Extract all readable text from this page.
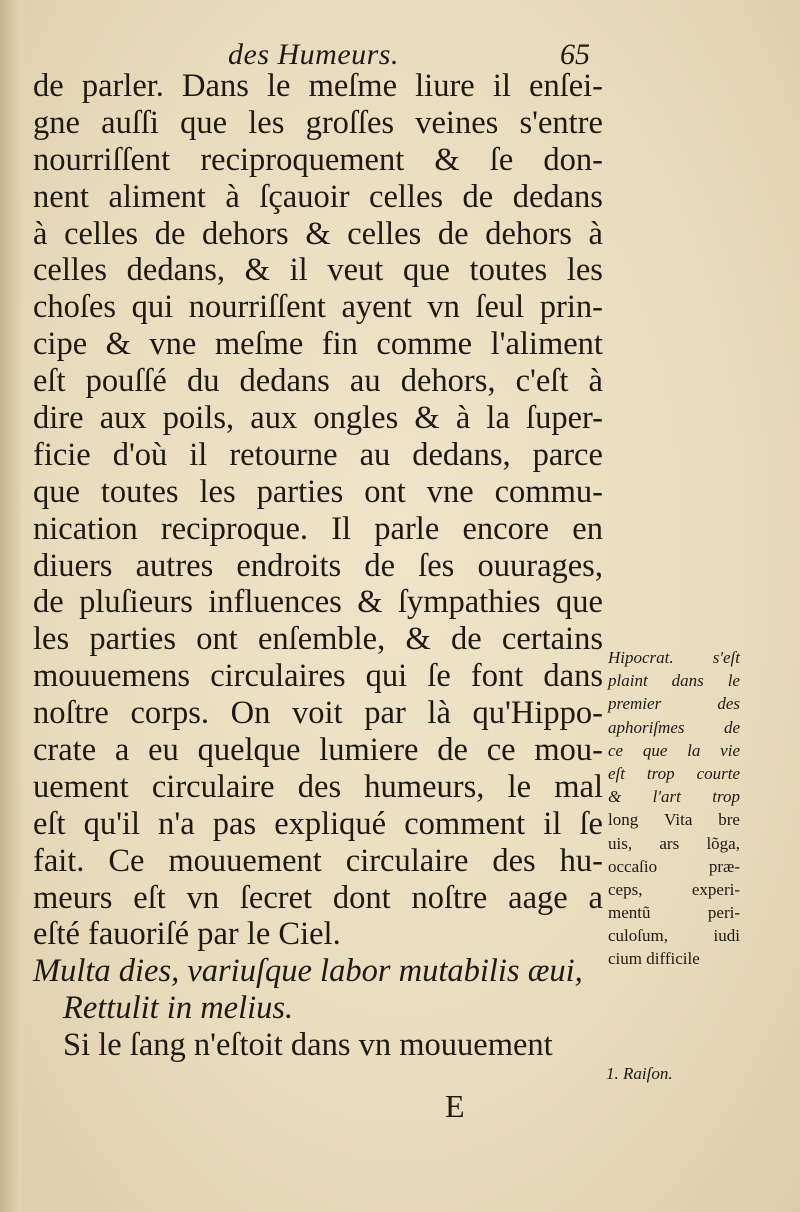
des Humeurs.	65
de parler. Dans le meſme liure il enſei-
gne auſſi que les groſſes veines s'entre
nourriſſent reciproquement & ſe don-
nent aliment à ſçauoir celles de dedans
à celles de dehors & celles de dehors à
celles dedans, & il veut que toutes les
choſes qui nourriſſent ayent vn ſeul prin-
cipe & vne meſme fin comme l'aliment
eſt pouſſé du dedans au dehors, c'eſt à
dire aux poils, aux ongles & à la ſuper-
ficie d'où il retourne au dedans, parce
que toutes les parties ont vne commu-
nication reciproque. Il parle encore en
diuers autres endroits de ſes ouurages,
de pluſieurs influences & ſympathies que
les parties ont enſemble, & de certains
mouuemens circulaires qui ſe font dans
noſtre corps. On voit par là qu'Hippo-
crate a eu quelque lumiere de ce mou-
uement circulaire des humeurs, le mal
eſt qu'il n'a pas expliqué comment il ſe
fait. Ce mouuement circulaire des hu-
meurs eſt vn ſecret dont noſtre aage a
eſté fauoriſé par le Ciel.
Multa dies, variuſque labor mutabilis æui,
Rettulit in melius.
Si le ſang n'eſtoit dans vn mouuement
Hipocrat. s'eſt
plaint dans le
premier	des
aphoriſmes de
ce que la vie
eſt trop courte
& l'art trop
long Vita bre
uis, ars lõga,
occaſio	præ-
ceps,	experi-
mentũ	peri-
culoſum,	iudi
cium difficile
1. Raiſon.
E
